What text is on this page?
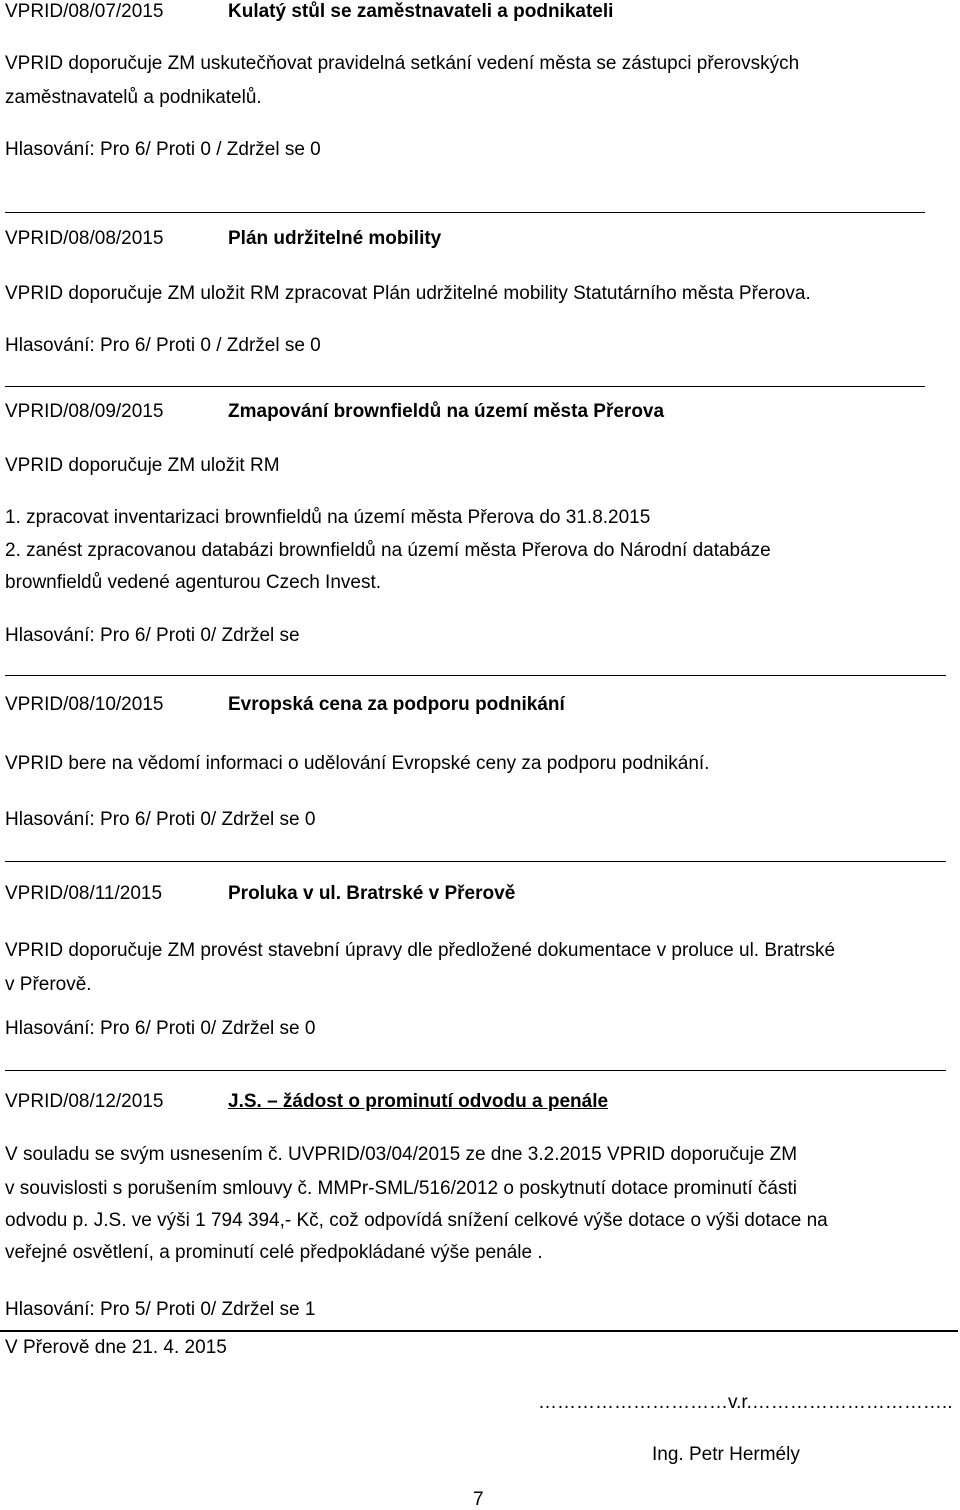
VPRID/08/07/2015	Kulatý stůl se zaměstnavateli a podnikateli
VPRID doporučuje ZM uskutečňovat pravidelná setkání vedení města se zástupci přerovských
zaměstnavatelů a podnikatelů.
Hlasování: Pro 6/ Proti 0 / Zdržel se 0
VPRID/08/08/2015	Plán udržitelné mobility
VPRID doporučuje ZM uložit RM zpracovat Plán udržitelné mobility Statutárního města Přerova.
Hlasování: Pro 6/ Proti 0 / Zdržel se 0
VPRID/08/09/2015	Zmapování brownfieldů na území města Přerova
VPRID doporučuje ZM uložit RM
1. zpracovat inventarizaci brownfieldů na území města Přerova do 31.8.2015
2. zanést zpracovanou databázi brownfieldů na území města Přerova do Národní databáze
brownfieldů vedené agenturou Czech Invest.
Hlasování: Pro 6/ Proti 0/ Zdržel se
VPRID/08/10/2015	Evropská cena za podporu podnikání
VPRID bere na vědomí informaci o udělování Evropské ceny za podporu podnikání.
Hlasování: Pro 6/ Proti 0/ Zdržel se 0
VPRID/08/11/2015	Proluka v ul. Bratrské v Přerově
VPRID doporučuje ZM provést stavební úpravy dle předložené dokumentace v proluce ul. Bratrské
v Přerově.
Hlasování: Pro 6/ Proti 0/ Zdržel se 0
VPRID/08/12/2015	J.S. – žádost o prominutí odvodu a penále
V souladu se svým usnesením č. UVPRID/03/04/2015 ze dne 3.2.2015 VPRID doporučuje ZM
v souvislosti s porušením smlouvy č. MMPr-SML/516/2012 o poskytnutí dotace prominutí části
odvodu p. J.S. ve výši 1 794 394,- Kč, což odpovídá snížení celkové výše dotace o výši dotace na
veřejné osvětlení, a prominutí celé předpokládané výše penále .
Hlasování: Pro 5/ Proti 0/ Zdržel se 1
V Přerově dne 21. 4. 2015
…………………………v.r.…………………………..
Ing. Petr Hermély
7
